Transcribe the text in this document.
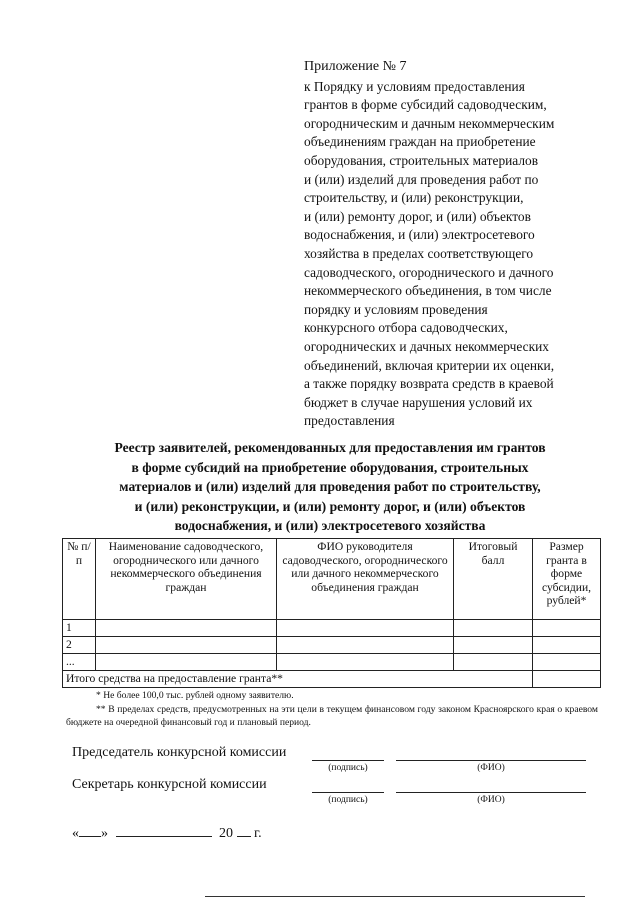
Приложение № 7
к Порядку и условиям предоставления
грантов в форме субсидий садоводческим,
огородническим и дачным некоммерческим
объединениям граждан на приобретение
оборудования, строительных материалов
и (или) изделий для проведения работ по
строительству, и (или) реконструкции,
и (или) ремонту дорог, и (или) объектов
водоснабжения, и (или) электросетевого
хозяйства в пределах соответствующего
садоводческого, огороднического и дачного
некоммерческого объединения, в том числе
порядку и условиям проведения
конкурсного отбора садоводческих,
огороднических и дачных некоммерческих
объединений, включая критерии их оценки,
а также порядку возврата средств в краевой
бюджет в случае нарушения условий их
предоставления
Реестр заявителей, рекомендованных для предоставления им грантов
в форме субсидий на приобретение оборудования, строительных
материалов и (или) изделий для проведения работ по строительству,
и (или) реконструкции, и (или) ремонту дорог, и (или) объектов
водоснабжения, и (или) электросетевого хозяйства
№ п/п	Наименование садоводческого, огороднического или дачного некоммерческого объединения граждан	ФИО руководителя садоводческого, огороднического или дачного некоммерческого объединения граждан	Итоговый балл	Размер гранта в форме субсидии, рублей*
1				
2				
...				
Итого средства на предоставление гранта**				
* Не более 100,0 тыс. рублей одному заявителю.
** В пределах средств, предусмотренных на эти цели в текущем финансовом году законом Красноярского края о краевом бюджете на очередной финансовый год и плановый период.
Председатель конкурсной комиссии
(подпись)	(ФИО)
Секретарь конкурсной комиссии
(подпись)	(ФИО)
« »	20 г.
